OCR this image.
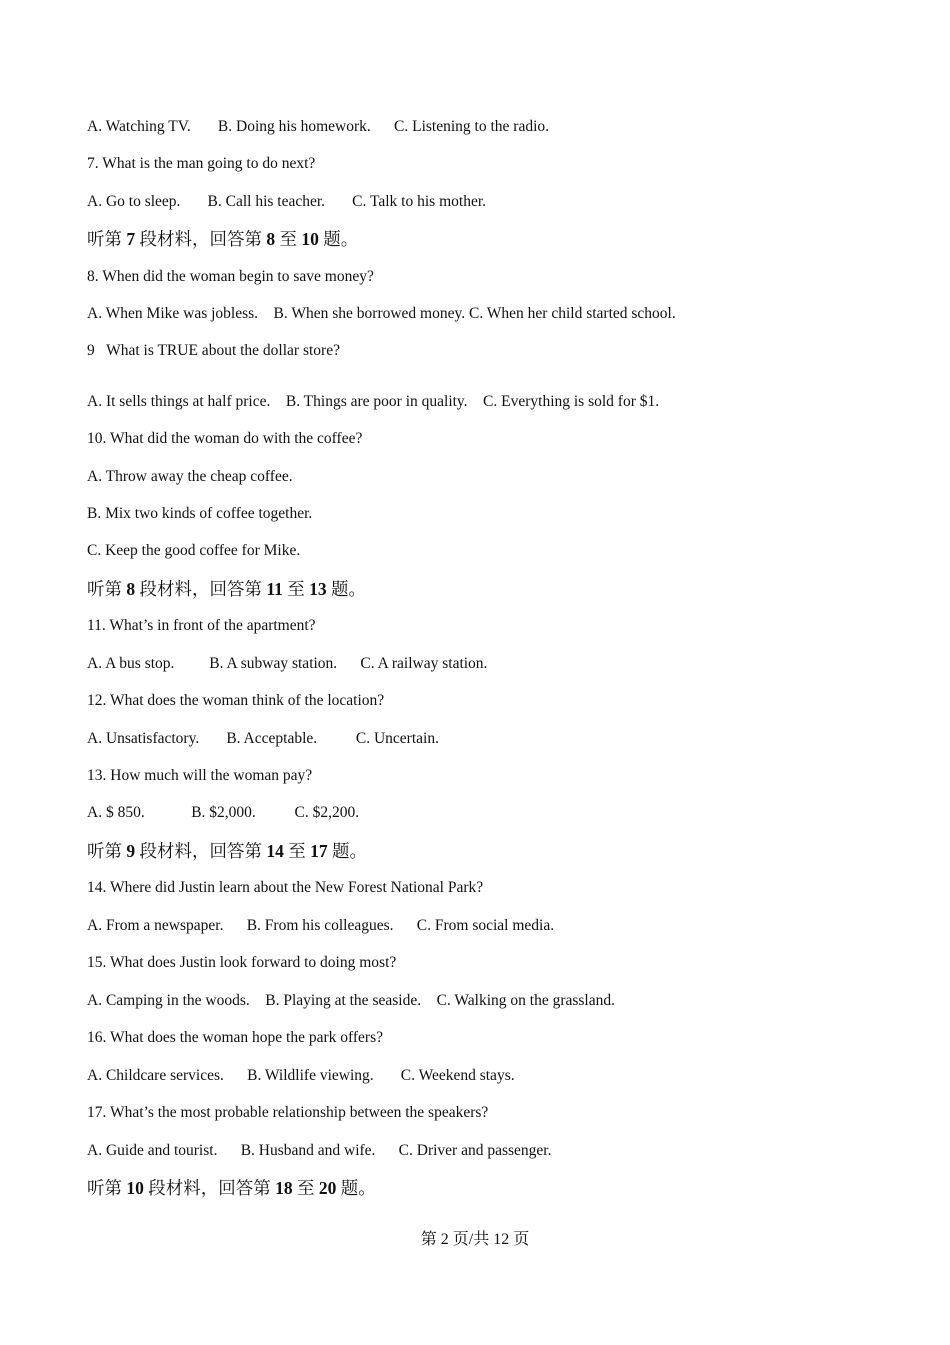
A. Watching TV.       B. Doing his homework.      C. Listening to the radio.
7. What is the man going to do next?
A. Go to sleep.       B. Call his teacher.       C. Talk to his mother.
听第 7 段材料，回答第 8 至 10 题。
8. When did the woman begin to save money?
A. When Mike was jobless.    B. When she borrowed money. C. When her child started school.
9   What is TRUE about the dollar store?
A. It sells things at half price.    B. Things are poor in quality.    C. Everything is sold for $1.
10. What did the woman do with the coffee?
A. Throw away the cheap coffee.
B. Mix two kinds of coffee together.
C. Keep the good coffee for Mike.
听第 8 段材料，回答第 11 至 13 题。
11. What’s in front of the apartment?
A. A bus stop.         B. A subway station.      C. A railway station.
12. What does the woman think of the location?
A. Unsatisfactory.       B. Acceptable.          C. Uncertain.
13. How much will the woman pay?
A. $ 850.            B. $2,000.          C. $2,200.
听第 9 段材料，回答第 14 至 17 题。
14. Where did Justin learn about the New Forest National Park?
A. From a newspaper.      B. From his colleagues.      C. From social media.
15. What does Justin look forward to doing most?
A. Camping in the woods.    B. Playing at the seaside.    C. Walking on the grassland.
16. What does the woman hope the park offers?
A. Childcare services.      B. Wildlife viewing.       C. Weekend stays.
17. What’s the most probable relationship between the speakers?
A. Guide and tourist.      B. Husband and wife.      C. Driver and passenger.
听第 10 段材料，回答第 18 至 20 题。
第 2 页/共 12 页
